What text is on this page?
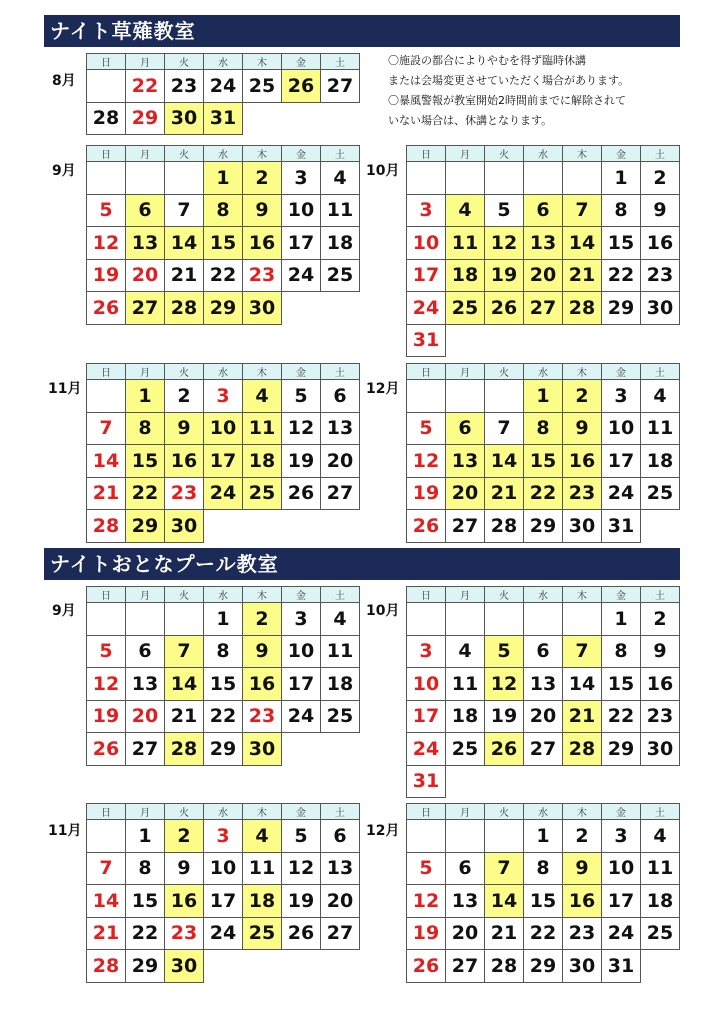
ナイト草薙教室
〇施設の都合によりやむを得ず臨時休講
または会場変更させていただく場合があります。
〇暴風警報が教室開始2時間前までに解除されて
いない場合は、休講となります。
ナイトおとなプール教室
8月
日	月	火	水	木	金	土
	22	23	24	25	26	27
28	29	30	31			
9月
日	月	火	水	木	金	土
			1	2	3	4
5	6	7	8	9	10	11
12	13	14	15	16	17	18
19	20	21	22	23	24	25
26	27	28	29	30		
10月
日	月	火	水	木	金	土
					1	2
3	4	5	6	7	8	9
10	11	12	13	14	15	16
17	18	19	20	21	22	23
24	25	26	27	28	29	30
31						
11月
日	月	火	水	木	金	土
	1	2	3	4	5	6
7	8	9	10	11	12	13
14	15	16	17	18	19	20
21	22	23	24	25	26	27
28	29	30				
12月
日	月	火	水	木	金	土
			1	2	3	4
5	6	7	8	9	10	11
12	13	14	15	16	17	18
19	20	21	22	23	24	25
26	27	28	29	30	31	
9月
日	月	火	水	木	金	土
			1	2	3	4
5	6	7	8	9	10	11
12	13	14	15	16	17	18
19	20	21	22	23	24	25
26	27	28	29	30		
10月
日	月	火	水	木	金	土
					1	2
3	4	5	6	7	8	9
10	11	12	13	14	15	16
17	18	19	20	21	22	23
24	25	26	27	28	29	30
31						
11月
日	月	火	水	木	金	土
	1	2	3	4	5	6
7	8	9	10	11	12	13
14	15	16	17	18	19	20
21	22	23	24	25	26	27
28	29	30				
12月
日	月	火	水	木	金	土
			1	2	3	4
5	6	7	8	9	10	11
12	13	14	15	16	17	18
19	20	21	22	23	24	25
26	27	28	29	30	31	
